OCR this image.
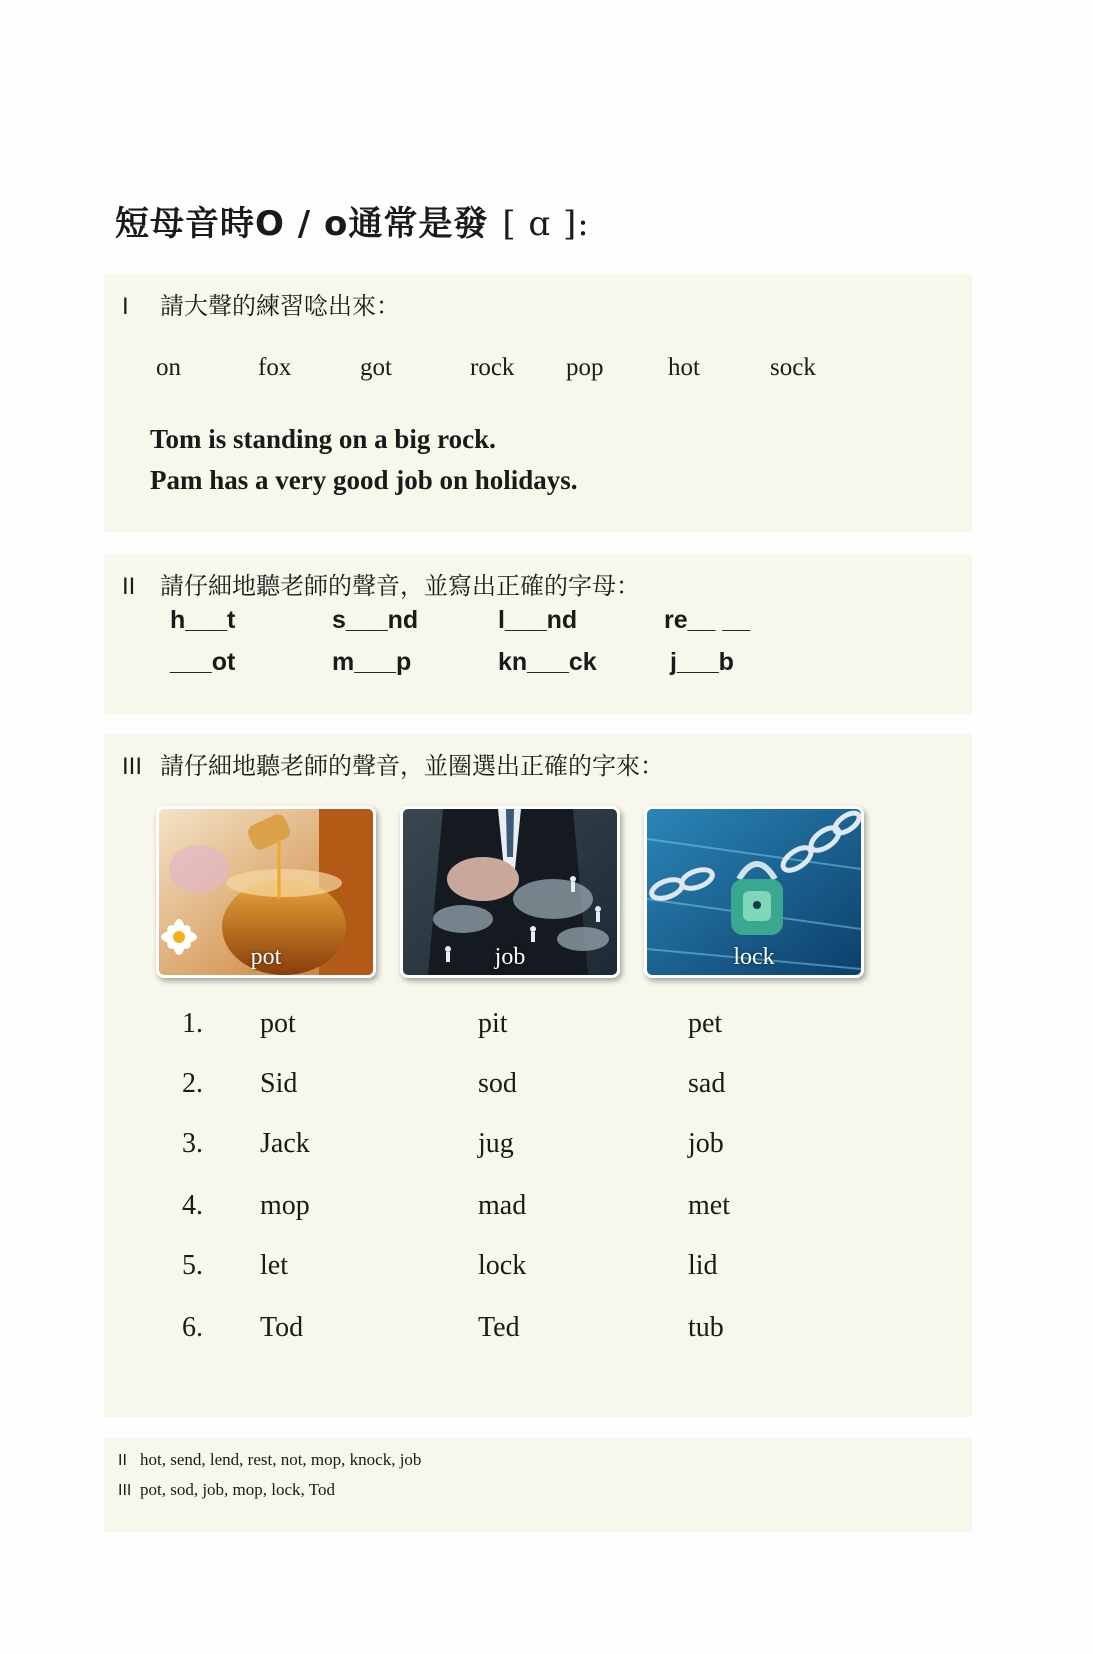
短母音時O / o通常是發 [ ɑ ]:
I 請大聲的練習唸出來：
on	fox	got	rock pop	hot	sock
Tom is standing on a big rock.
Pam has a very good job on holidays.
II 請仔細地聽老師的聲音，並寫出正確的字母：
h___t	s___nd	l___nd	re__ __
___ot	m___p	kn___ck	j___b
III 請仔細地聽老師的聲音，並圈選出正確的字來：
pot	job	lock
1. pot	pit	pet
2. Sid	sod	sad
3. Jack	jug	job
4. mop	mad	met
5. let	lock	lid
6. Tod	Ted	tub
II hot, send, lend, rest, not, mop, knock, job
III pot, sod, job, mop, lock, Tod
